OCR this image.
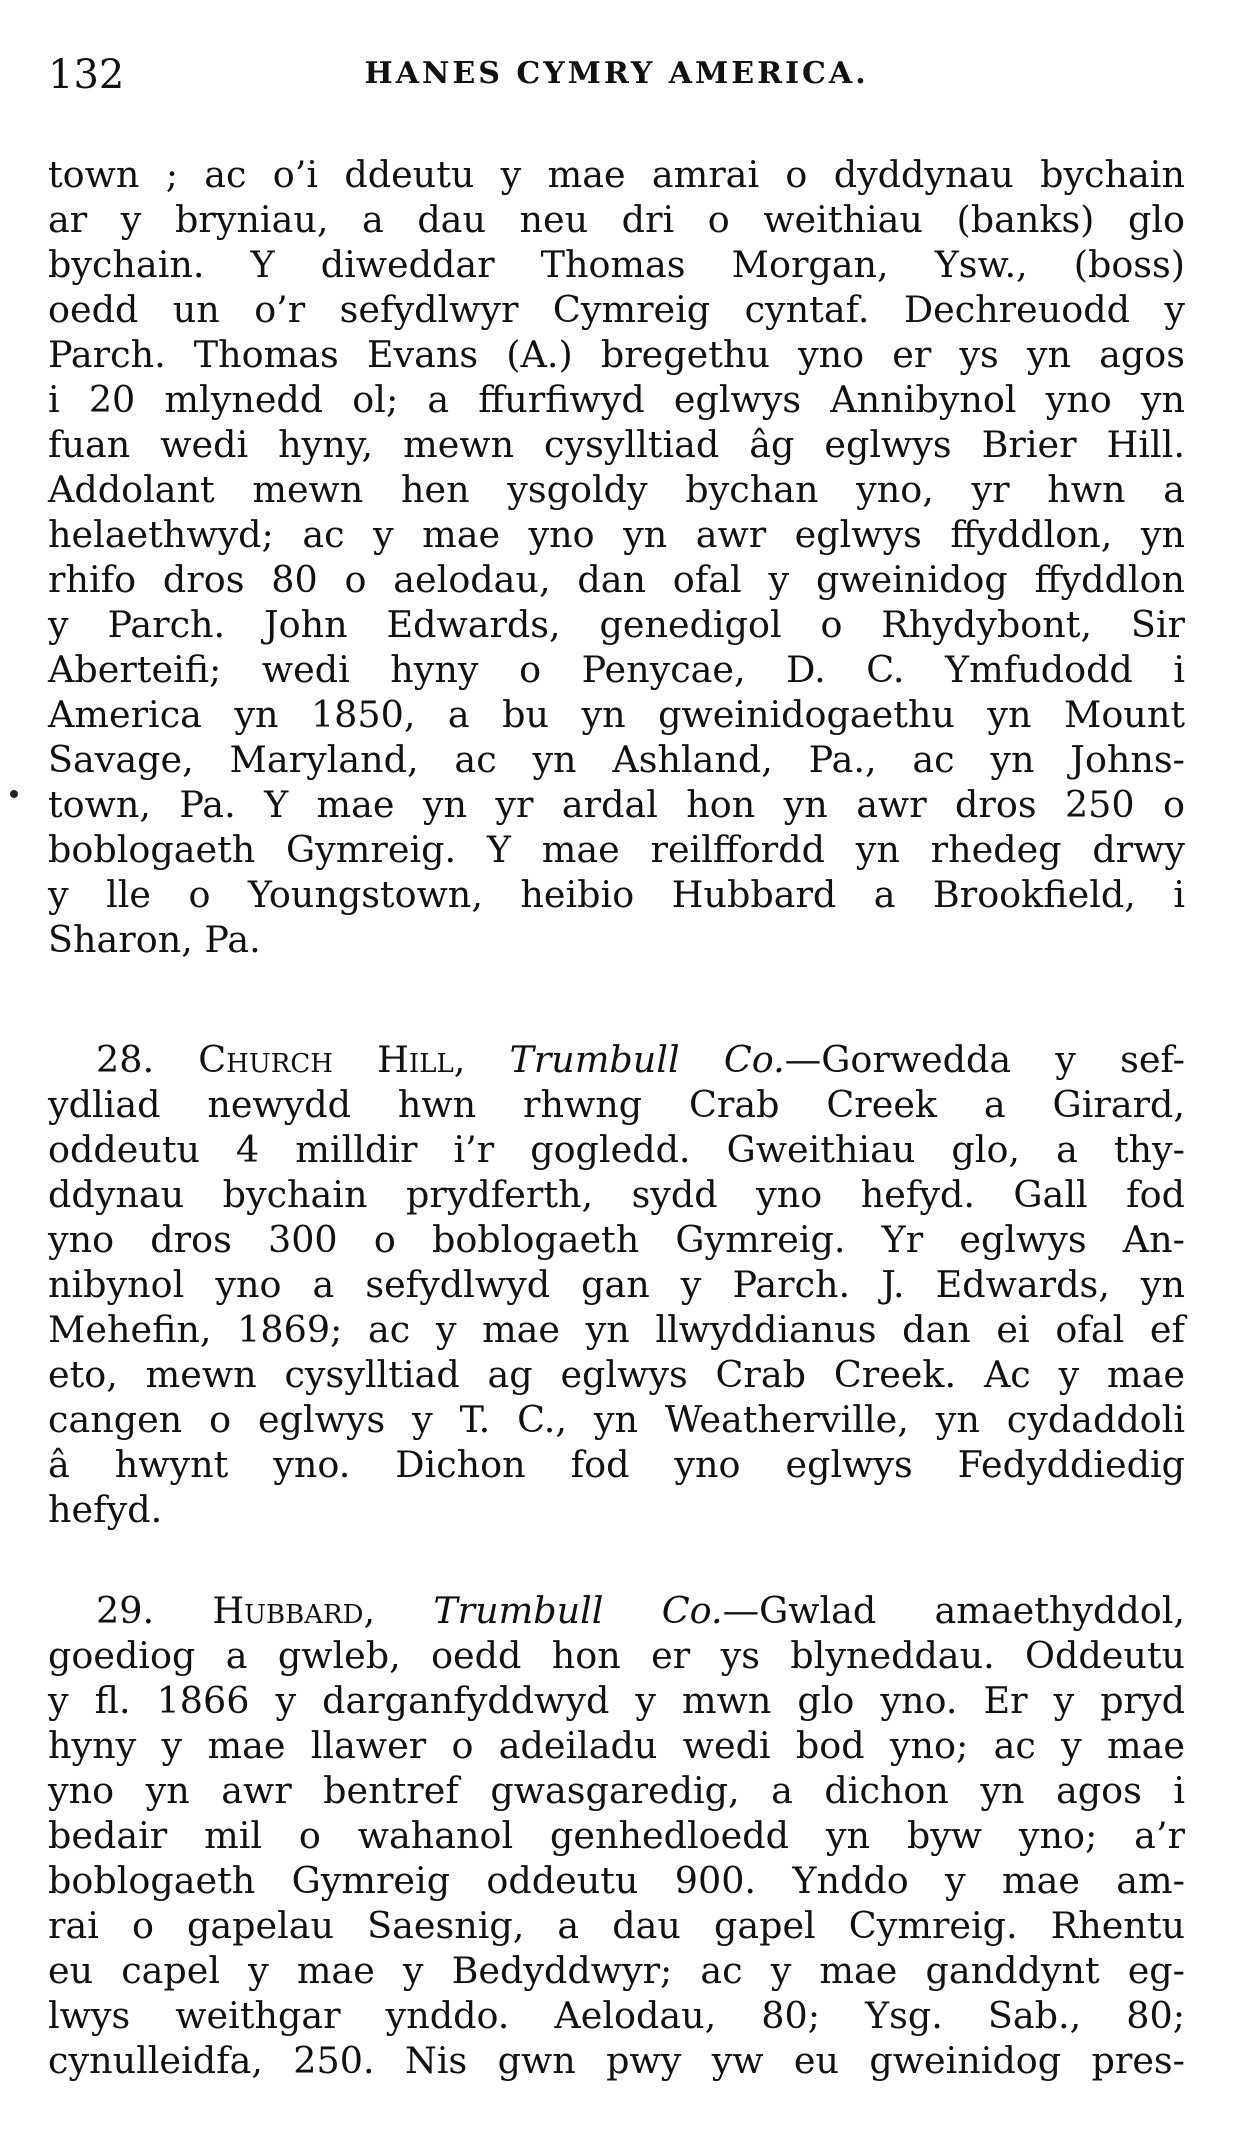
132	HANES CYMRY AMERICA.
town ; ac o’i ddeutu y mae amrai o dyddynau bychain
ar y bryniau, a dau neu dri o weithiau (banks) glo
bychain. Y diweddar Thomas Morgan, Ysw., (boss)
oedd un o’r sefydlwyr Cymreig cyntaf. Dechreuodd y
Parch. Thomas Evans (A.) bregethu yno er ys yn agos
i 20 mlynedd ol; a ffurfiwyd eglwys Annibynol yno yn
fuan wedi hyny, mewn cysylltiad âg eglwys Brier Hill.
Addolant mewn hen ysgoldy bychan yno, yr hwn a
helaethwyd; ac y mae yno yn awr eglwys ffyddlon, yn
rhifo dros 80 o aelodau, dan ofal y gweinidog ffyddlon
y Parch. John Edwards, genedigol o Rhydybont, Sir
Aberteifi; wedi hyny o Penycae, D. C. Ymfudodd i
America yn 1850, a bu yn gweinidogaethu yn Mount
Savage, Maryland, ac yn Ashland, Pa., ac yn Johns-
town, Pa. Y mae yn yr ardal hon yn awr dros 250 o
boblogaeth Gymreig. Y mae reilffordd yn rhedeg drwy
y lle o Youngstown, heibio Hubbard a Brookfield, i
Sharon, Pa.
28. Church Hill, Trumbull Co.—Gorwedda y sef-
ydliad newydd hwn rhwng Crab Creek a Girard,
oddeutu 4 milldir i’r gogledd. Gweithiau glo, a thy-
ddynau bychain prydferth, sydd yno hefyd. Gall fod
yno dros 300 o boblogaeth Gymreig. Yr eglwys An-
nibynol yno a sefydlwyd gan y Parch. J. Edwards, yn
Mehefin, 1869; ac y mae yn llwyddianus dan ei ofal ef
eto, mewn cysylltiad ag eglwys Crab Creek. Ac y mae
cangen o eglwys y T. C., yn Weatherville, yn cydaddoli
â hwynt yno. Dichon fod yno eglwys Fedyddiedig
hefyd.
29. Hubbard, Trumbull Co.—Gwlad amaethyddol,
goediog a gwleb, oedd hon er ys blyneddau. Oddeutu
y fl. 1866 y darganfyddwyd y mwn glo yno. Er y pryd
hyny y mae llawer o adeiladu wedi bod yno; ac y mae
yno yn awr bentref gwasgaredig, a dichon yn agos i
bedair mil o wahanol genhedloedd yn byw yno; a’r
boblogaeth Gymreig oddeutu 900. Ynddo y mae am-
rai o gapelau Saesnig, a dau gapel Cymreig. Rhentu
eu capel y mae y Bedyddwyr; ac y mae ganddynt eg-
lwys weithgar ynddo. Aelodau, 80; Ysg. Sab., 80;
cynulleidfa, 250. Nis gwn pwy yw eu gweinidog pres-
